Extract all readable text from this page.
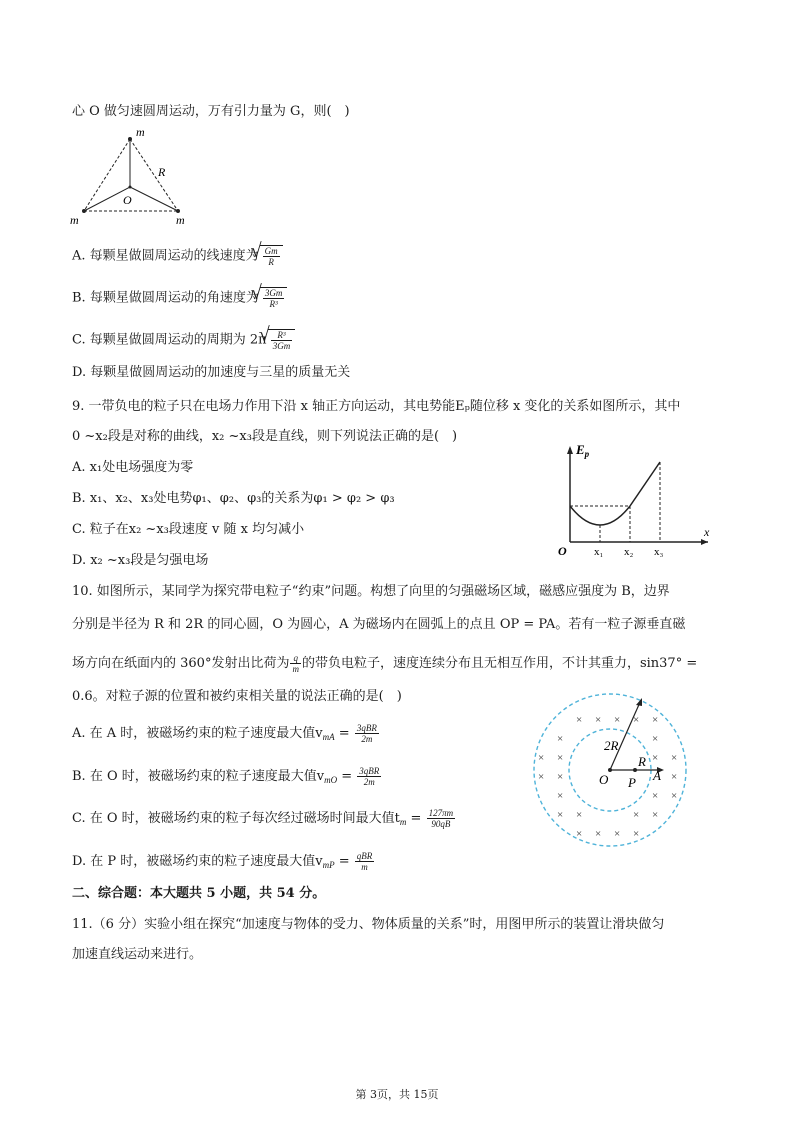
心 O 做匀速圆周运动，万有引力量为 G，则(　)
m
m	m
R
O
A. 每颗星做圆周运动的线速度为 √ $\frac{Gm}{R}$
B. 每颗星做圆周运动的角速度为 √ $\frac{3Gm}{\text{R³}}$
C. 每颗星做圆周运动的周期为 2π √ $\frac{\text{R³}}{3Gm}$
D. 每颗星做圆周运动的加速度与三星的质量无关
9. 一带负电的粒子只在电场力作用下沿 x 轴正方向运动，其电势能Eₚ随位移 x 变化的关系如图所示，其中
0 ~x₂段是对称的曲线，x₂ ~x₃段是直线，则下列说法正确的是(　)
A. x₁处电场强度为零
B. x₁、x₂、x₃处电势φ₁、φ₂、φ₃的关系为φ₁ > φ₂ > φ₃
C. 粒子在x₂ ~x₃段速度 v 随 x 均匀减小
D. x₂ ~x₃段是匀强电场
$E_p$
x
O x₁ x₂ x₃
10. 如图所示，某同学为探究带电粒子“约束”问题。构想了向里的匀强磁场区域，磁感应强度为 B，边界
分别是半径为 R 和 2R 的同心圆，O 为圆心，A 为磁场内在圆弧上的点且 OP = PA。若有一粒子源垂直磁
场方向在纸面内的 360°发射出比荷为 $\frac{q}{m}$ 的带负电粒子，速度连续分布且无相互作用，不计其重力，sin37° =
0.6。对粒子源的位置和被约束相关量的说法正确的是(　)
A. 在 A 时，被磁场约束的粒子速度最大值$v_{mA} = \frac{\text{3qBR}}{2m}$
B. 在 O 时，被磁场约束的粒子速度最大值$v_{mO} = \frac{\text{3qBR}}{2m}$
C. 在 O 时，被磁场约束的粒子每次经过磁场时间最大值$t_m = \frac{127\pi m}{90qB}$
D. 在 P 时，被磁场约束的粒子速度最大值$v_{mP} = \frac{\text{qBR}}{m}$
× × × × ×
×	×
× ×	× ×
× ×	×
×	× ×
× ×	× ×
× × × ×
2R
R
O P A
二、综合题：本大题共 5 小题，共 54 分。
11.（6 分）实验小组在探究“加速度与物体的受力、物体质量的关系”时，用图甲所示的装置让滑块做匀
加速直线运动来进行。
第 3页，共 15页
